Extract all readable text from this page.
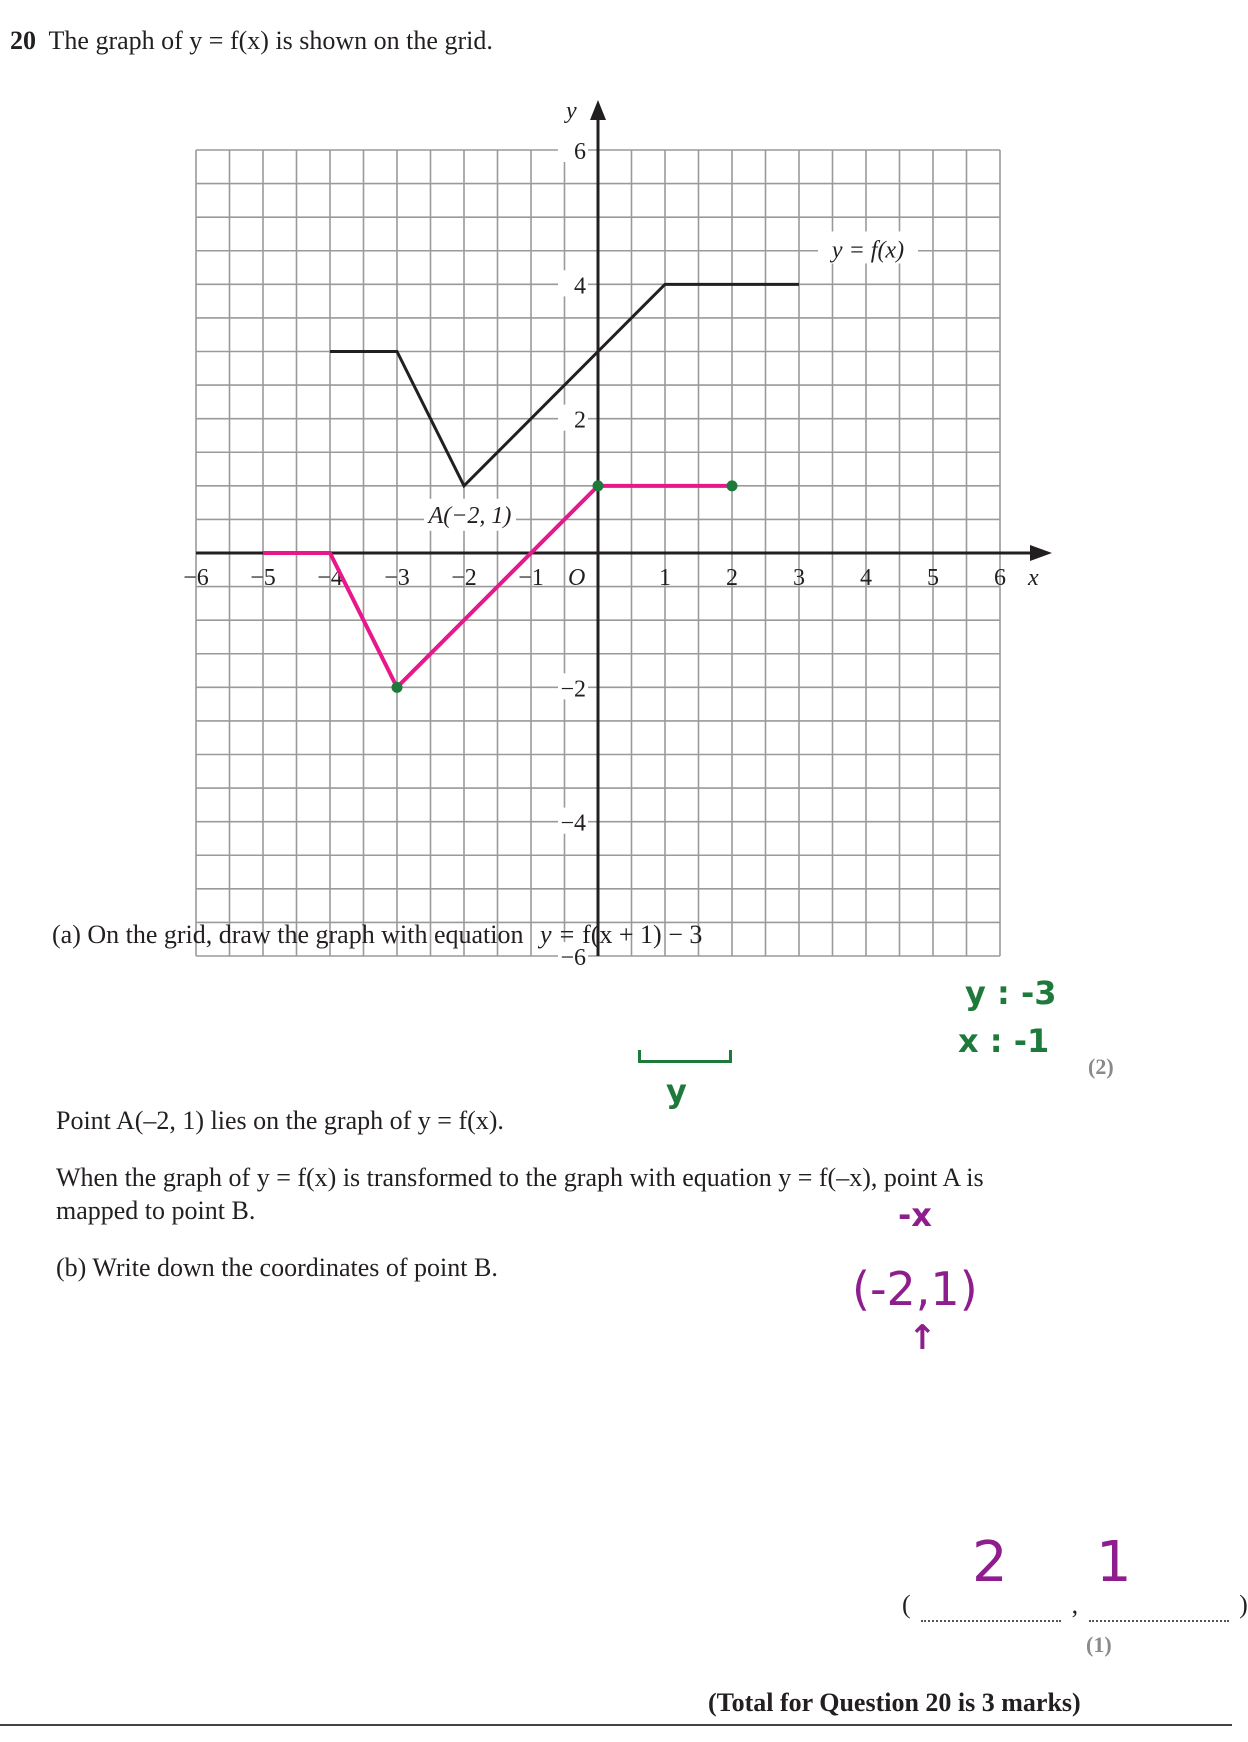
20 The graph of y = f(x) is shown on the grid.
x
y
O
−6 −5 −4 −3 −2 −1	1 2 3 4 5 6
6
4
2
−2
−4
−6
y = f(x)
A(−2, 1)
(a) On the grid, draw the graph with equation y = f(x + 1) − 3
(2)
Point A(–2, 1) lies on the graph of y = f(x).
When the graph of y = f(x) is transformed to the graph with equation y = f(–x), point A is
mapped to point B.
(b) Write down the coordinates of point B.
(	,	)
(1)
(Total for Question 20 is 3 marks)
y : -3
x : -1
y
-x
(-2,1)
↑
2 1
